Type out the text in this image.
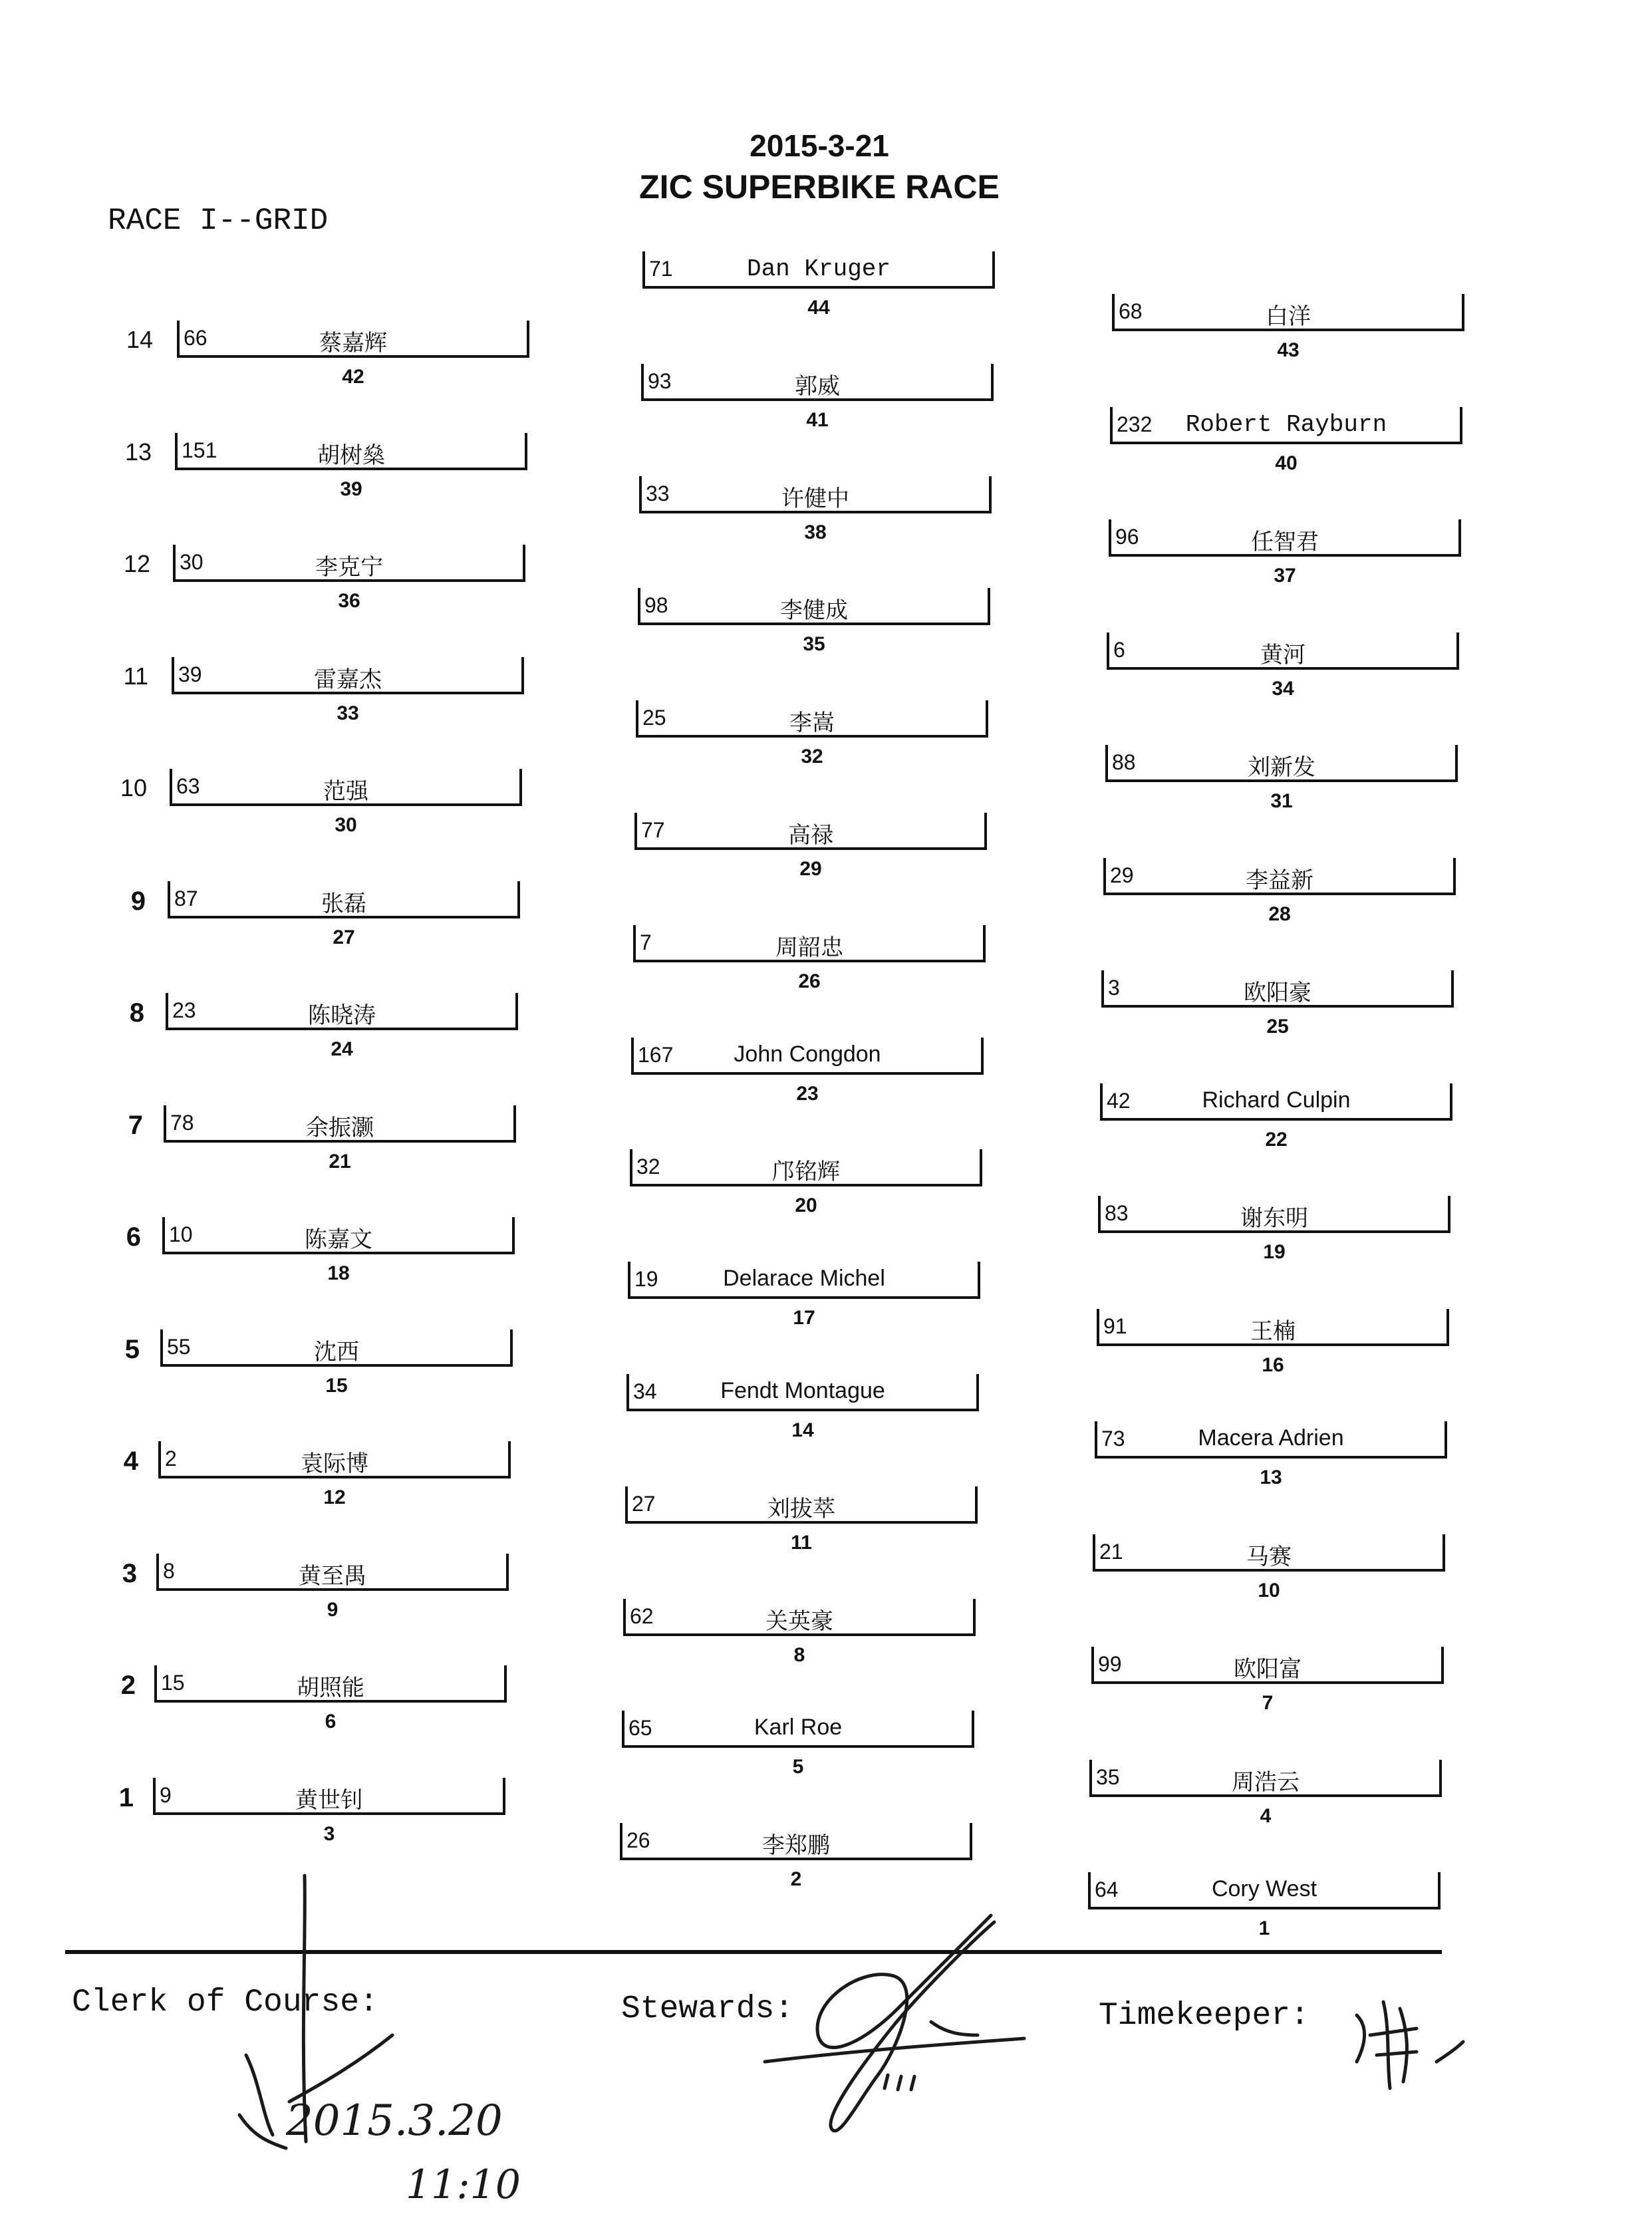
2015-3-21
ZIC SUPERBIKE RACE
RACE I--GRID
66	蔡嘉辉
42
14
151	胡树燊
39
13
30	李克宁
36
12
39	雷嘉杰
33
11
63	范强
30
10
87	张磊
27
9
23	陈晓涛
24
8
78	余振灏
21
7
10	陈嘉文
18
6
55	沈西
15
5
2	袁际博
12
4
8	黄至禺
9
3
15	胡照能
6
2
9	黄世钊
3
1
71	Dan Kruger
44
93	郭威
41
33	许健中
38
98	李健成
35
25	李嵩
32
77	高禄
29
7	周韶忠
26
167	John Congdon
23
32	邝铭辉
20
19	Delarace Michel
17
34	Fendt Montague
14
27	刘拔萃
11
62	关英豪
8
65	Karl Roe
5
26	李郑鹏
2
68	白洋
43
232	Robert Rayburn
40
96	任智君
37
6	黄河
34
88	刘新发
31
29	李益新
28
3	欧阳豪
25
42	Richard Culpin
22
83	谢东明
19
91	王楠
16
73	Macera Adrien
13
21	马赛
10
99	欧阳富
7
35	周浩云
4
64	Cory West
1
Clerk of Course:	Stewards:	Timekeeper:
2015.3.20
11:10
